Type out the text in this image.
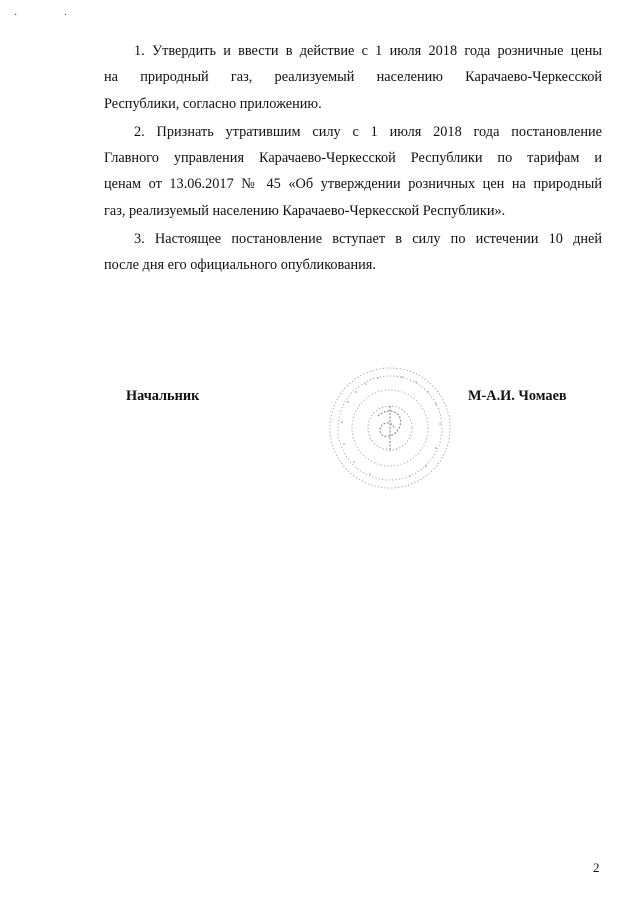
· ·

1. Утвердить и ввести в действие с 1 июля 2018 года розничные цены
на природный газ, реализуемый населению Карачаево-Черкесской
Республики, согласно приложению.

2. Признать утратившим силу с 1 июля 2018 года постановление
Главного управления Карачаево-Черкесской Республики по тарифам и
ценам от 13.06.2017 № 45 «Об утверждении розничных цен на природный
газ, реализуемый населению Карачаево-Черкесской Республики».

3. Настоящее постановление вступает в силу по истечении 10 дней
после дня его официального опубликования.

Начальник	М-А.И. Чомаев
2
